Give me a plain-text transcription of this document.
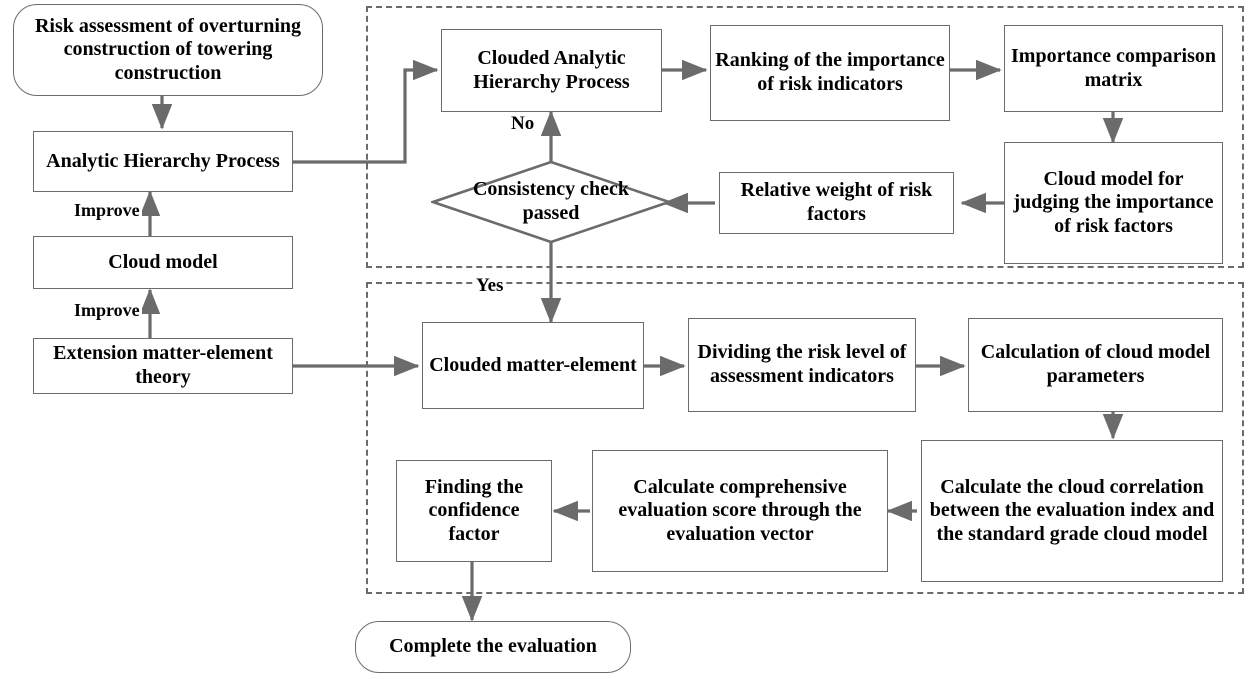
Improve
Improve
No
Yes
Risk assessment of overturning construction of towering construction
Analytic Hierarchy Process
Cloud model
Extension matter-element theory
Clouded Analytic Hierarchy Process
Ranking of the importance of risk indicators
Importance comparison matrix
Cloud model for judging the importance of risk factors
Relative weight of risk factors
Consistency check passed
Clouded matter-element
Dividing the risk level of assessment indicators
Calculation of cloud model parameters
Calculate the cloud correlation between the evaluation index and the standard grade cloud model
Calculate comprehensive evaluation score through the evaluation vector
Finding the confidence factor
Complete the evaluation
